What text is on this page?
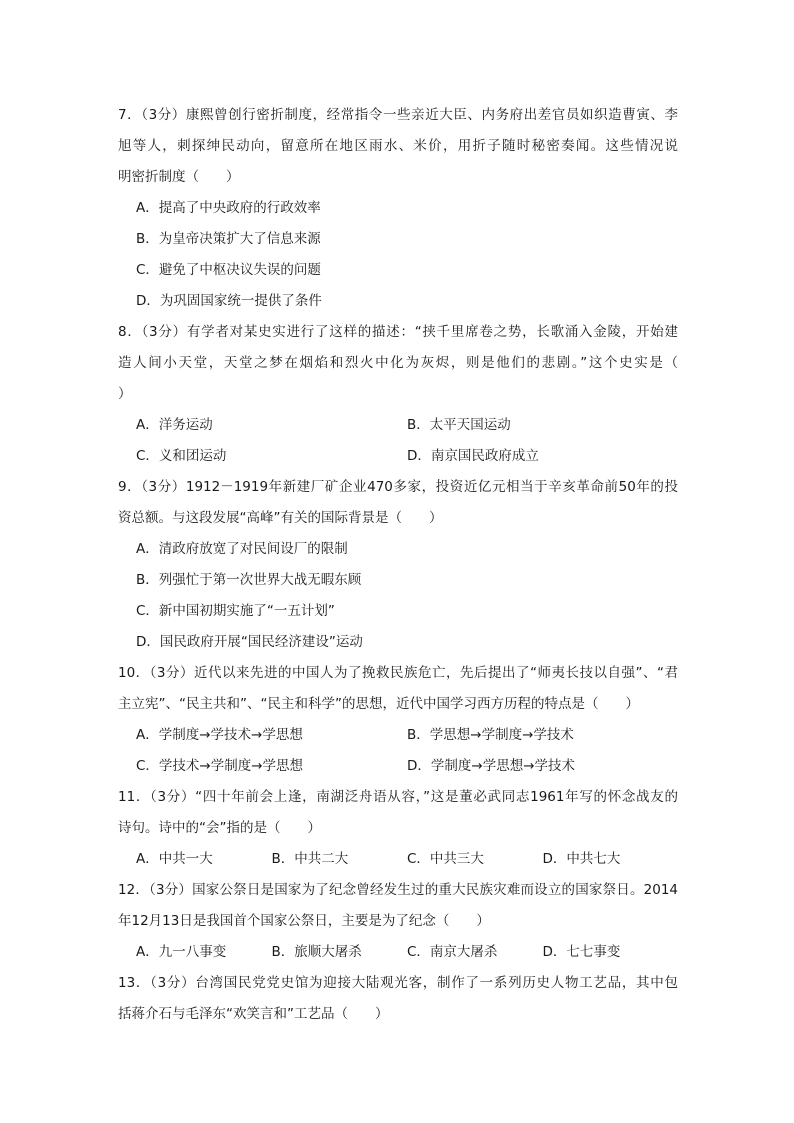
7．（3分）康熙曾创行密折制度，经常指令一些亲近大臣、内务府出差官员如织造曹寅、李
旭等人，刺探绅民动向，留意所在地区雨水、米价，用折子随时秘密奏闻。这些情况说
明密折制度（　　）
A．提高了中央政府的行政效率
B．为皇帝决策扩大了信息来源
C．避免了中枢决议失误的问题
D．为巩固国家统一提供了条件
8．（3分）有学者对某史实进行了这样的描述：“挟千里席卷之势，长歌涌入金陵，开始建
造人间小天堂，天堂之梦在烟焰和烈火中化为灰烬，则是他们的悲剧。”这个史实是（
）
A．洋务运动	B．太平天国运动
C．义和团运动	D．南京国民政府成立
9．（3分）1912－1919年新建厂矿企业470多家，投资近亿元相当于辛亥革命前50年的投
资总额。与这段发展“高峰”有关的国际背景是（　　）
A．清政府放宽了对民间设厂的限制
B．列强忙于第一次世界大战无暇东顾
C．新中国初期实施了“一五计划”
D．国民政府开展“国民经济建设”运动
10．（3分）近代以来先进的中国人为了挽救民族危亡，先后提出了“师夷长技以自强”、“君
主立宪”、“民主共和”、“民主和科学”的思想，近代中国学习西方历程的特点是（　　）
A．学制度→学技术→学思想	B．学思想→学制度→学技术
C．学技术→学制度→学思想	D．学制度→学思想→学技术
11．（3分）“四十年前会上逢，南湖泛舟语从容，”这是董必武同志1961年写的怀念战友的
诗句。诗中的“会”指的是（　　）
A．中共一大	B．中共二大	C．中共三大	D．中共七大
12．（3分）国家公祭日是国家为了纪念曾经发生过的重大民族灾难而设立的国家祭日。2014
年12月13日是我国首个国家公祭日，主要是为了纪念（　　）
A．九一八事变	B．旅顺大屠杀	C．南京大屠杀	D．七七事变
13．（3分）台湾国民党党史馆为迎接大陆观光客，制作了一系列历史人物工艺品，其中包
括蒋介石与毛泽东“欢笑言和”工艺品（　　）
